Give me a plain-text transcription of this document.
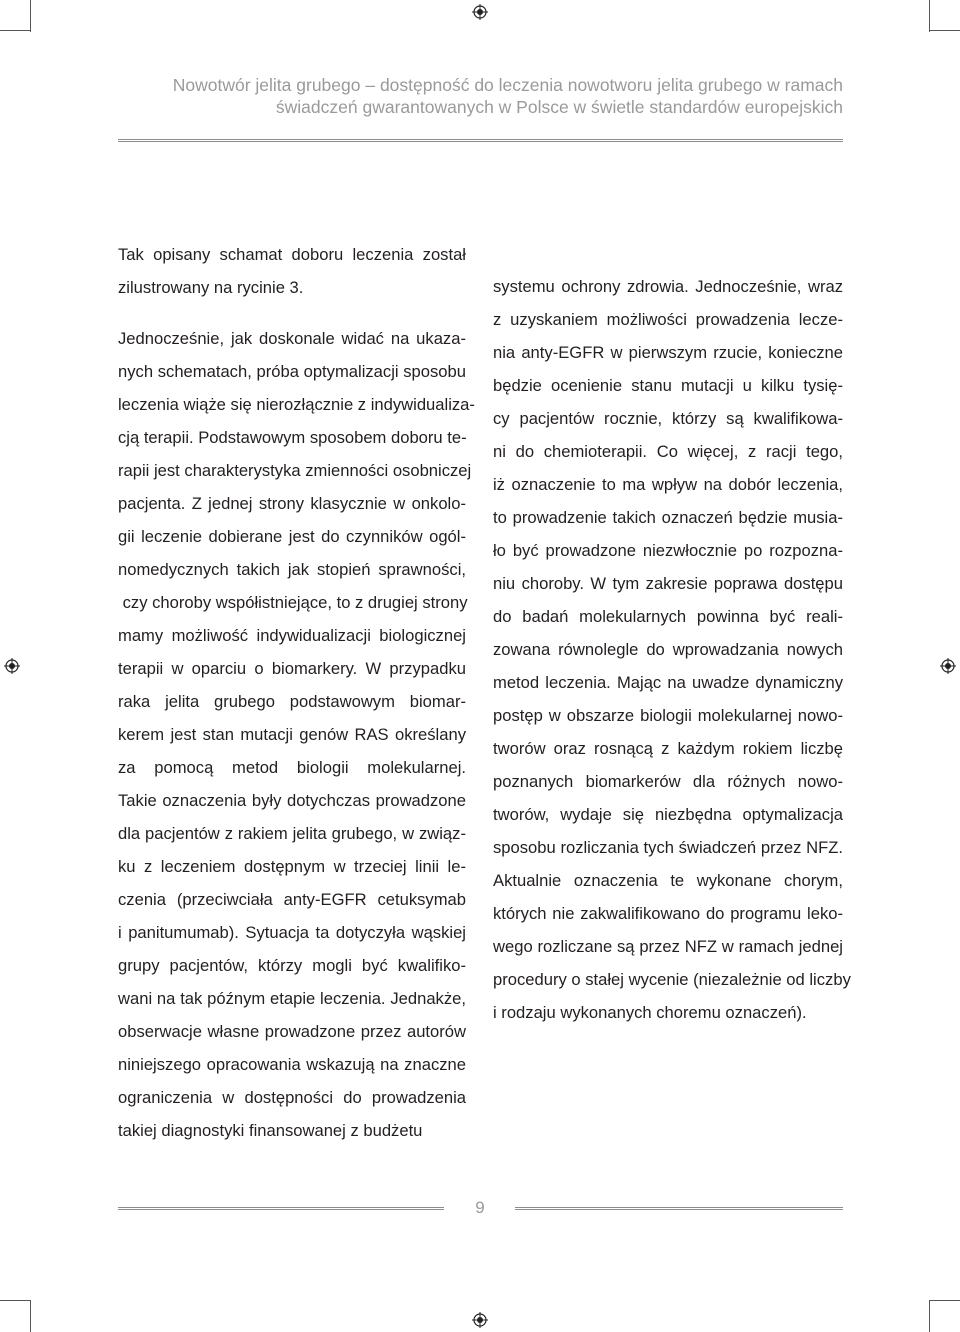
Nowotwór jelita grubego – dostępność do leczenia nowotworu jelita grubego w ramach
świadczeń gwarantowanych w Polsce w świetle standardów europejskich
Tak opisany schamat doboru leczenia został
zilustrowany na rycinie 3.
Jednocześnie, jak doskonale widać na ukaza-
nych schematach, próba optymalizacji sposobu
leczenia wiąże się nierozłącznie z indywidualiza-
cją terapii. Podstawowym sposobem doboru te-
rapii jest charakterystyka zmienności osobniczej
pacjenta. Z jednej strony klasycznie w onkolo-
gii leczenie dobierane jest do czynników ogól-
nomedycznych takich jak stopień sprawności,
czy choroby współistniejące, to z drugiej strony
mamy możliwość indywidualizacji biologicznej
terapii w oparciu o biomarkery. W przypadku
raka jelita grubego podstawowym biomar-
kerem jest stan mutacji genów RAS określany
za pomocą metod biologii molekularnej.
Takie oznaczenia były dotychczas prowadzone
dla pacjentów z rakiem jelita grubego, w związ-
ku z leczeniem dostępnym w trzeciej linii le-
czenia (przeciwciała anty-EGFR cetuksymab
i panitumumab). Sytuacja ta dotyczyła wąskiej
grupy pacjentów, którzy mogli być kwalifiko-
wani na tak późnym etapie leczenia. Jednakże,
obserwacje własne prowadzone przez autorów
niniejszego opracowania wskazują na znaczne
ograniczenia w dostępności do prowadzenia
takiej diagnostyki finansowanej z budżetu
systemu ochrony zdrowia. Jednocześnie, wraz
z uzyskaniem możliwości prowadzenia lecze-
nia anty-EGFR w pierwszym rzucie, konieczne
będzie ocenienie stanu mutacji u kilku tysię-
cy pacjentów rocznie, którzy są kwalifikowa-
ni do chemioterapii. Co więcej, z racji tego,
iż oznaczenie to ma wpływ na dobór leczenia,
to prowadzenie takich oznaczeń będzie musia-
ło być prowadzone niezwłocznie po rozpozna-
niu choroby. W tym zakresie poprawa dostępu
do badań molekularnych powinna być reali-
zowana równolegle do wprowadzania nowych
metod leczenia. Mając na uwadze dynamiczny
postęp w obszarze biologii molekularnej nowo-
tworów oraz rosnącą z każdym rokiem liczbę
poznanych biomarkerów dla różnych nowo-
tworów, wydaje się niezbędna optymalizacja
sposobu rozliczania tych świadczeń przez NFZ.
Aktualnie oznaczenia te wykonane chorym,
których nie zakwalifikowano do programu leko-
wego rozliczane są przez NFZ w ramach jednej
procedury o stałej wycenie (niezależnie od liczby
i rodzaju wykonanych choremu oznaczeń).
9
